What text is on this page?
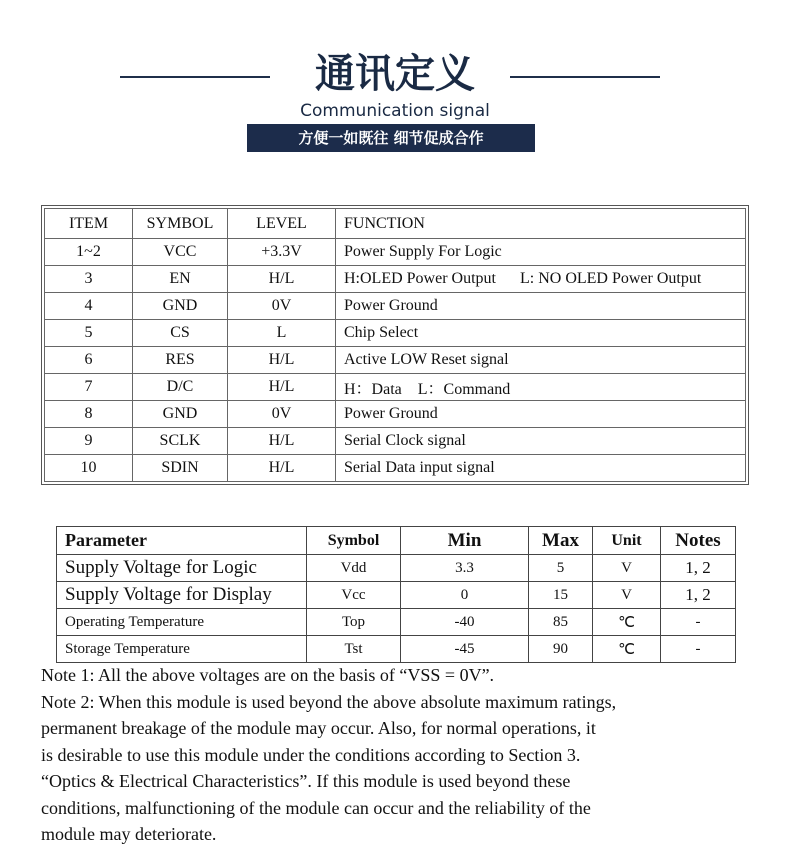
通讯定义
Communication signal
方便一如既往 细节促成合作
ITEM	SYMBOL	LEVEL	FUNCTION
1~2	VCC	+3.3V	Power Supply For Logic
3	EN	H/L	H:OLED Power Output      L: NO OLED Power Output
4	GND	0V	Power Ground
5	CS	L	Chip Select
6	RES	H/L	Active LOW Reset signal
7	D/C	H/L	H：Data    L：Command
8	GND	0V	Power Ground
9	SCLK	H/L	Serial Clock signal
10	SDIN	H/L	Serial Data input signal
Parameter	Symbol	Min	Max	Unit	Notes
Supply Voltage for Logic	Vdd	3.3	5	V	1, 2
Supply Voltage for Display	Vcc	0	15	V	1, 2
Operating Temperature	Top	-40	85	℃	-
Storage Temperature	Tst	-45	90	℃	-
Note 1: All the above voltages are on the basis of “VSS = 0V”.
Note 2: When this module is used beyond the above absolute maximum ratings,
permanent breakage of the module may occur. Also, for normal operations, it
is desirable to use this module under the conditions according to Section 3.
“Optics & Electrical Characteristics”. If this module is used beyond these
conditions, malfunctioning of the module can occur and the reliability of the
module may deteriorate.
